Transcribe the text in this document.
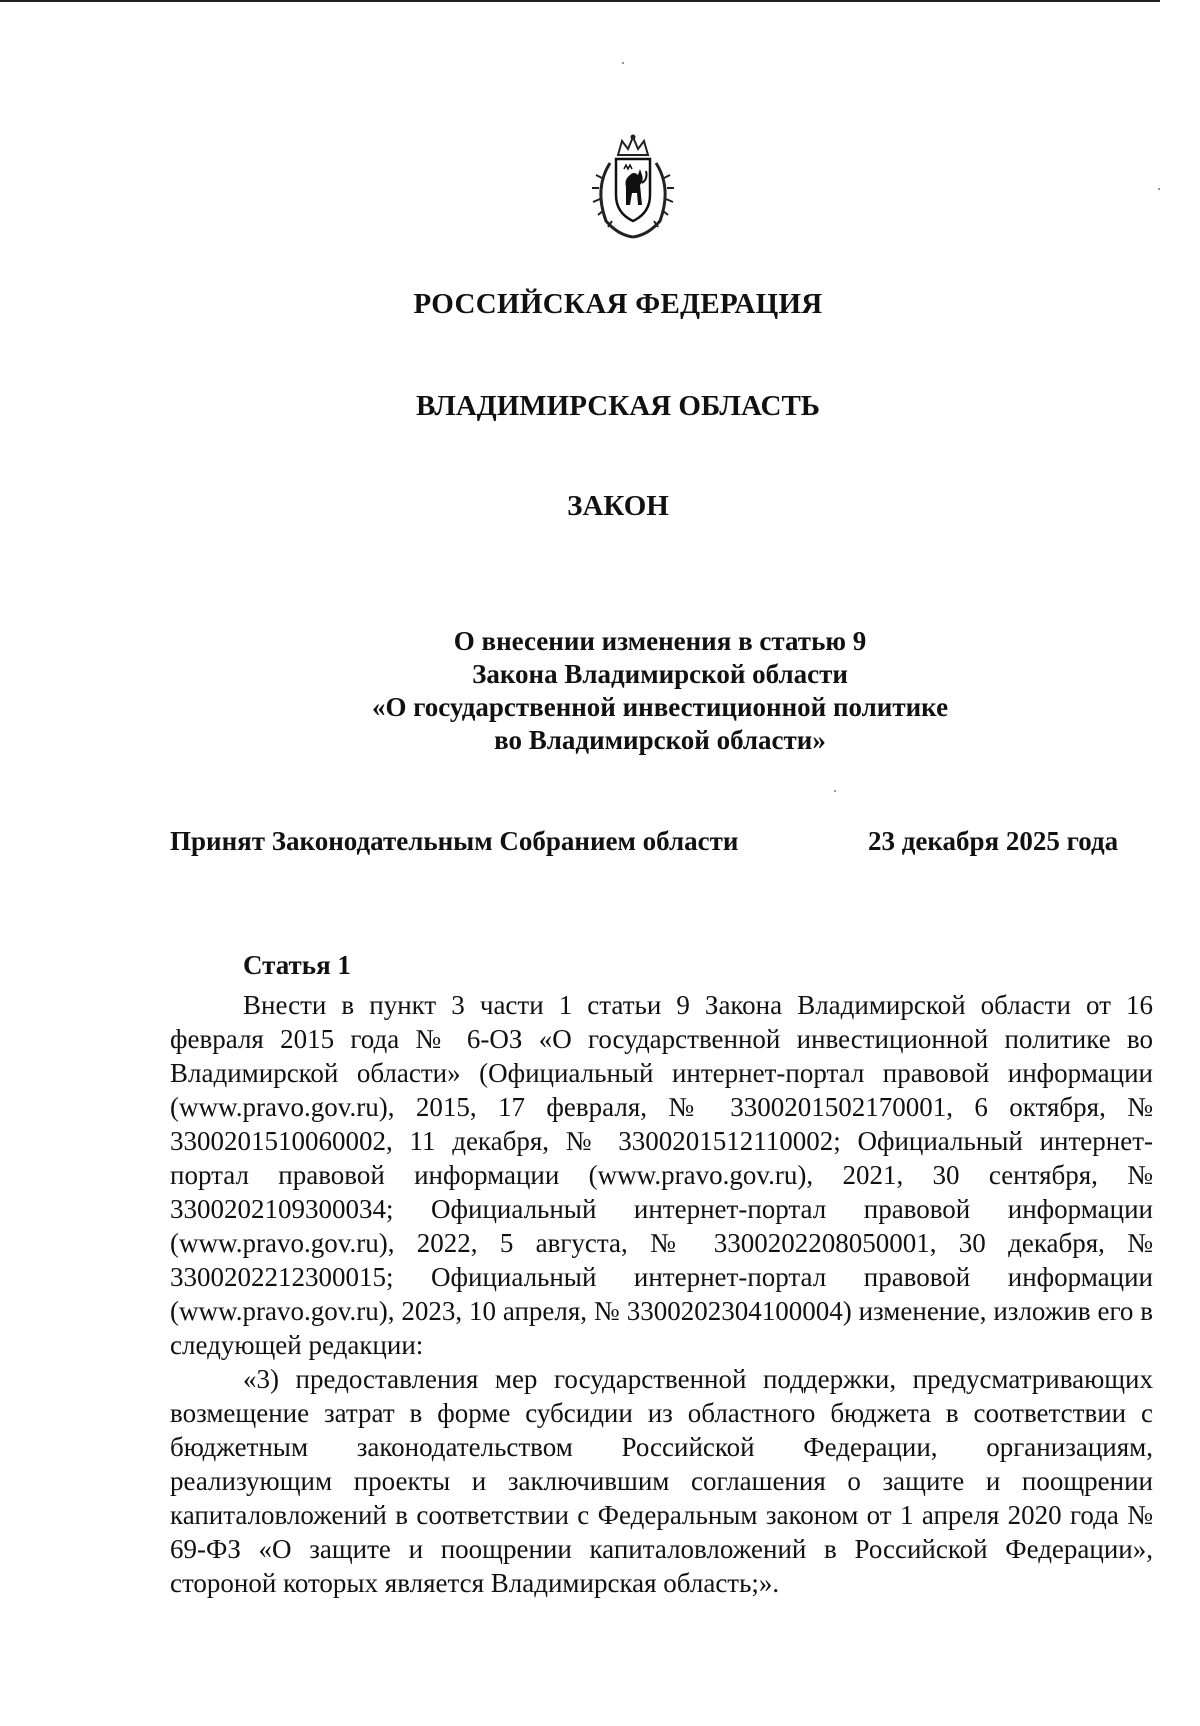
РОССИЙСКАЯ ФЕДЕРАЦИЯ
ВЛАДИМИРСКАЯ ОБЛАСТЬ
ЗАКОН
О внесении изменения в статью 9
Закона Владимирской области
«О государственной инвестиционной политике
во Владимирской области»
Принят Законодательным Собранием области	23 декабря 2025 года
Статья 1

Внести в пункт 3 части 1 статьи 9 Закона Владимирской области от 16 февраля 2015 года № 6-ОЗ «О государственной инвестиционной политике во Владимирской области» (Официальный интернет-портал правовой информации (www.pravo.gov.ru), 2015, 17 февраля, № 3300201502170001, 6 октября, № 3300201510060002, 11 декабря, № 3300201512110002; Официальный интернет-портал правовой информации (www.pravo.gov.ru), 2021, 30 сентября, № 3300202109300034; Официальный интернет-портал правовой информации (www.pravo.gov.ru), 2022, 5 августа, № 3300202208050001, 30 декабря, № 3300202212300015; Официальный интернет-портал правовой информации (www.pravo.gov.ru), 2023, 10 апреля, № 3300202304100004) изменение, изложив его в следующей редакции:

«3) предоставления мер государственной поддержки, предусматривающих возмещение затрат в форме субсидии из областного бюджета в соответствии с бюджетным законодательством Российской Федерации, организациям, реализующим проекты и заключившим соглашения о защите и поощрении капиталовложений в соответствии с Федеральным законом от 1 апреля 2020 года № 69-ФЗ «О защите и поощрении капиталовложений в Российской Федерации», стороной которых является Владимирская область;».
